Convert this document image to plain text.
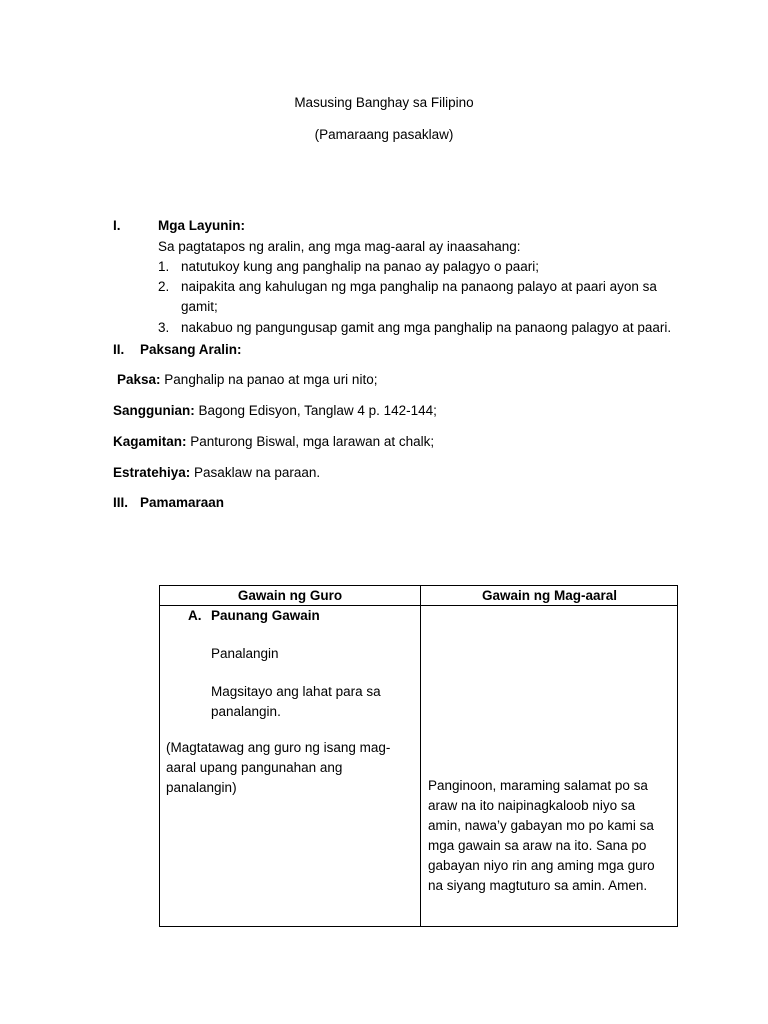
Masusing Banghay sa Filipino
(Pamaraang pasaklaw)
I.	Mga Layunin:
Sa pagtatapos ng aralin, ang mga mag-aaral ay inaasahang:
1. natutukoy kung ang panghalip na panao ay palagyo o paari;
2. naipakita ang kahulugan ng mga panghalip na panaong palayo at paari ayon sa gamit;
3. nakabuo ng pangungusap gamit ang mga panghalip na panaong palagyo at paari.
II. Paksang Aralin:
Paksa: Panghalip na panao at mga uri nito;
Sanggunian: Bagong Edisyon, Tanglaw 4 p. 142-144;
Kagamitan: Panturong Biswal, mga larawan at chalk;
Estratehiya: Pasaklaw na paraan.
III. Pamamaraan
Gawain ng Guro	Gawain ng Mag-aaral
A. Paunang Gawain
Panalangin
Magsitayo ang lahat para sa panalangin.
(Magtatawag ang guro ng isang mag-aaral upang pangunahan ang panalangin)	Panginoon, maraming salamat po sa araw na ito naipinagkaloob niyo sa amin, nawa’y gabayan mo po kami sa mga gawain sa araw na ito. Sana po gabayan niyo rin ang aming mga guro na siyang magtuturo sa amin. Amen.
